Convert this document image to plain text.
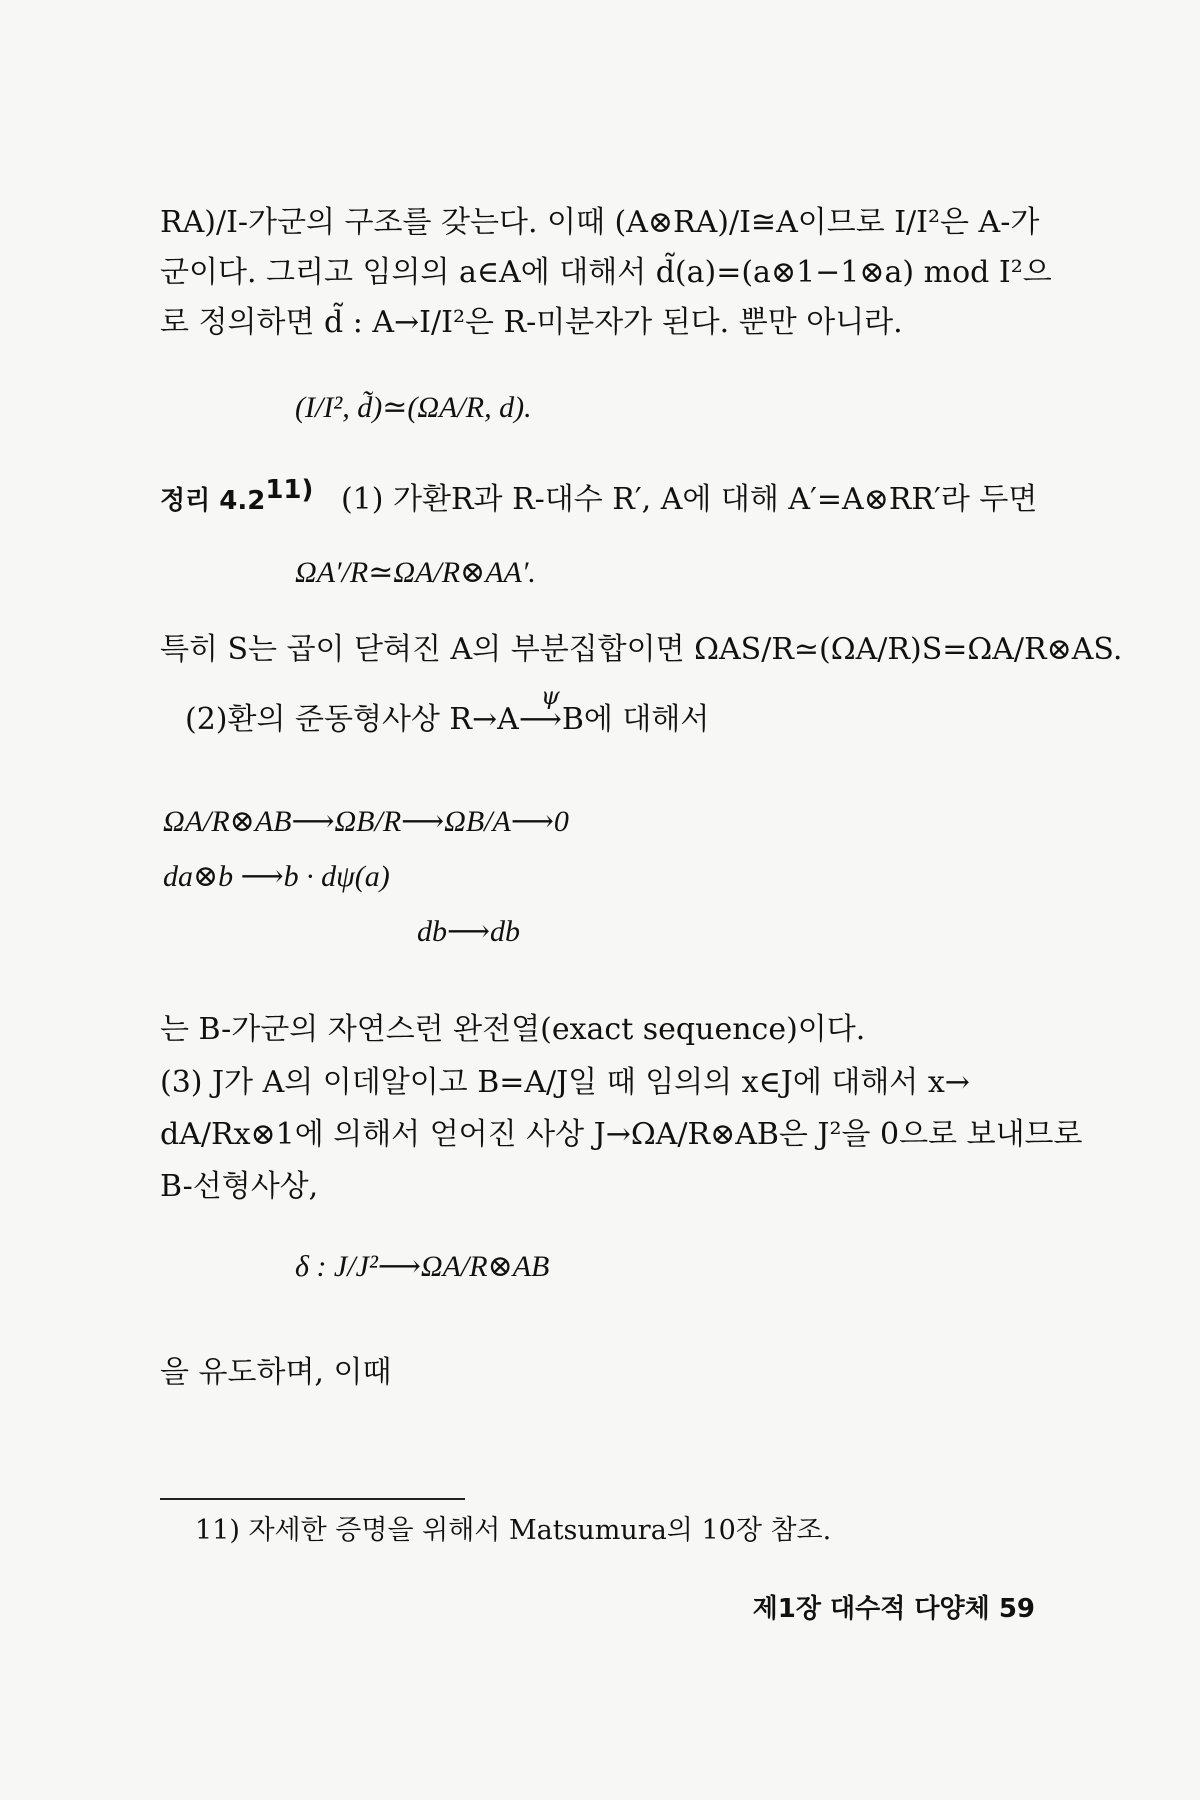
RA)/I-가군의 구조를 갖는다. 이때 (A⊗RA)/I≅A이므로 I/I²은 A-가
군이다. 그리고 임의의 a∈A에 대해서 d̃(a)=(a⊗1−1⊗a) mod I²으
로 정의하면 d̃ : A→I/I²은 R-미분자가 된다. 뿐만 아니라.
(I/I², d̃)≃(ΩA/R, d).
정리 4.2$^{11)}$ (1) 가환R과 R-대수 R′, A에 대해 A′=A⊗RR′라 두면
ΩA′/R≃ΩA/R⊗AA′.
특히 S는 곱이 닫혀진 A의 부분집합이면 ΩAS/R≃(ΩA/R)S=ΩA/R⊗AS.
(2)환의 준동형사상 R→A
ψ
⟶B에 대해서
ΩA/R⊗AB⟶ΩB/R⟶ΩB/A⟶0
da⊗b ⟶b · dψ(a)
db⟶db
는 B-가군의 자연스런 완전열(exact sequence)이다.
(3) J가 A의 이데알이고 B=A/J일 때 임의의 x∈J에 대해서 x→
dA/Rx⊗1에 의해서 얻어진 사상 J→ΩA/R⊗AB은 J²을 0으로 보내므로
B-선형사상,
δ : J/J²⟶ΩA/R⊗AB
을 유도하며, 이때
11) 자세한 증명을 위해서 Matsumura의 10장 참조.
제1장 대수적 다양체 59
